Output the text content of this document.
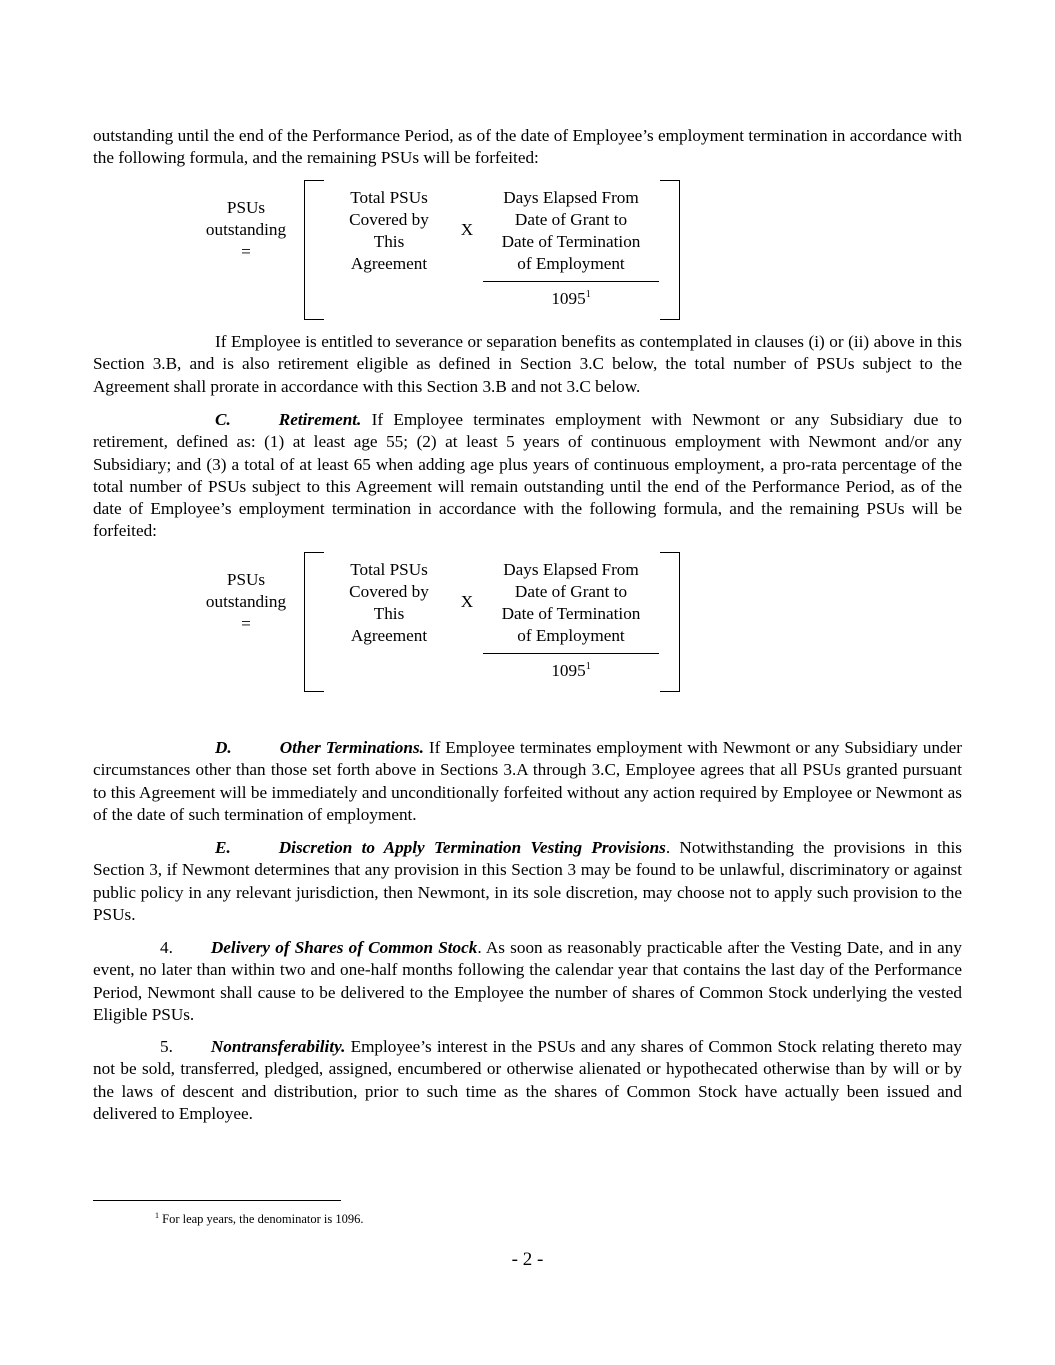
outstanding until the end of the Performance Period, as of the date of Employee’s employment termination in accordance with the following formula, and the remaining PSUs will be forfeited:

PSUs
outstanding
=
Total PSUs
Covered by
This
Agreement
X
Days Elapsed From
Date of Grant to
Date of Termination
of Employment
1095$^1$

If Employee is entitled to severance or separation benefits as contemplated in clauses (i) or (ii) above in this Section 3.B, and is also retirement eligible as defined in Section 3.C below, the total number of PSUs subject to the Agreement shall prorate in accordance with this Section 3.B and not 3.C below.

C.	Retirement. If Employee terminates employment with Newmont or any Subsidiary due to retirement, defined as: (1) at least age 55; (2) at least 5 years of continuous employment with Newmont and/or any Subsidiary; and (3) a total of at least 65 when adding age plus years of continuous employment, a pro-rata percentage of the total number of PSUs subject to this Agreement will remain outstanding until the end of the Performance Period, as of the date of Employee’s employment termination in accordance with the following formula, and the remaining PSUs will be forfeited:

PSUs
outstanding
=
Total PSUs
Covered by
This
Agreement
X
Days Elapsed From
Date of Grant to
Date of Termination
of Employment
1095$^1$

D.	Other Terminations. If Employee terminates employment with Newmont or any Subsidiary under circumstances other than those set forth above in Sections 3.A through 3.C, Employee agrees that all PSUs granted pursuant to this Agreement will be immediately and unconditionally forfeited without any action required by Employee or Newmont as of the date of such termination of employment.

E.	Discretion to Apply Termination Vesting Provisions. Notwithstanding the provisions in this Section 3, if Newmont determines that any provision in this Section 3 may be found to be unlawful, discriminatory or against public policy in any relevant jurisdiction, then Newmont, in its sole discretion, may choose not to apply such provision to the PSUs.

4. Delivery of Shares of Common Stock. As soon as reasonably practicable after the Vesting Date, and in any event, no later than within two and one-half months following the calendar year that contains the last day of the Performance Period, Newmont shall cause to be delivered to the Employee the number of shares of Common Stock underlying the vested Eligible PSUs.

5. Nontransferability. Employee’s interest in the PSUs and any shares of Common Stock relating thereto may not be sold, transferred, pledged, assigned, encumbered or otherwise alienated or hypothecated otherwise than by will or by the laws of descent and distribution, prior to such time as the shares of Common Stock have actually been issued and delivered to Employee.

$^1$ For leap years, the denominator is 1096.
- 2 -
